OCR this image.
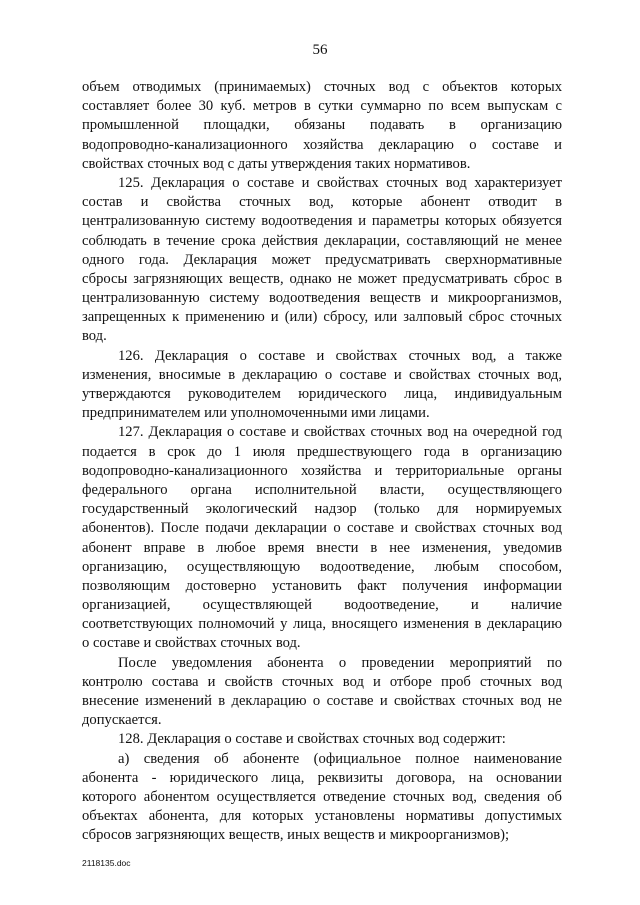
56
объем отводимых (принимаемых) сточных вод с объектов которых
составляет более 30 куб. метров в сутки суммарно по всем выпускам с
промышленной площадки, обязаны подавать в организацию
водопроводно-канализационного хозяйства декларацию о составе и
свойствах сточных вод с даты утверждения таких нормативов.
125. Декларация о составе и свойствах сточных вод характеризует
состав и свойства сточных вод, которые абонент отводит в
централизованную систему водоотведения и параметры которых обязуется
соблюдать в течение срока действия декларации, составляющий не менее
одного года. Декларация может предусматривать сверхнормативные
сбросы загрязняющих веществ, однако не может предусматривать сброс в
централизованную систему водоотведения веществ и микроорганизмов,
запрещенных к применению и (или) сбросу, или залповый сброс сточных
вод.
126. Декларация о составе и свойствах сточных вод, а также
изменения, вносимые в декларацию о составе и свойствах сточных вод,
утверждаются руководителем юридического лица, индивидуальным
предпринимателем или уполномоченными ими лицами.
127. Декларация о составе и свойствах сточных вод на очередной год
подается в срок до 1 июля предшествующего года в организацию
водопроводно-канализационного хозяйства и территориальные органы
федерального органа исполнительной власти, осуществляющего
государственный экологический надзор (только для нормируемых
абонентов). После подачи декларации о составе и свойствах сточных вод
абонент вправе в любое время внести в нее изменения, уведомив
организацию, осуществляющую водоотведение, любым способом,
позволяющим достоверно установить факт получения информации
организацией, осуществляющей водоотведение, и наличие
соответствующих полномочий у лица, вносящего изменения в декларацию
о составе и свойствах сточных вод.
После уведомления абонента о проведении мероприятий по
контролю состава и свойств сточных вод и отборе проб сточных вод
внесение изменений в декларацию о составе и свойствах сточных вод не
допускается.
128. Декларация о составе и свойствах сточных вод содержит:
а) сведения об абоненте (официальное полное наименование
абонента - юридического лица, реквизиты договора, на основании
которого абонентом осуществляется отведение сточных вод, сведения об
объектах абонента, для которых установлены нормативы допустимых
сбросов загрязняющих веществ, иных веществ и микроорганизмов);
2118135.doc
